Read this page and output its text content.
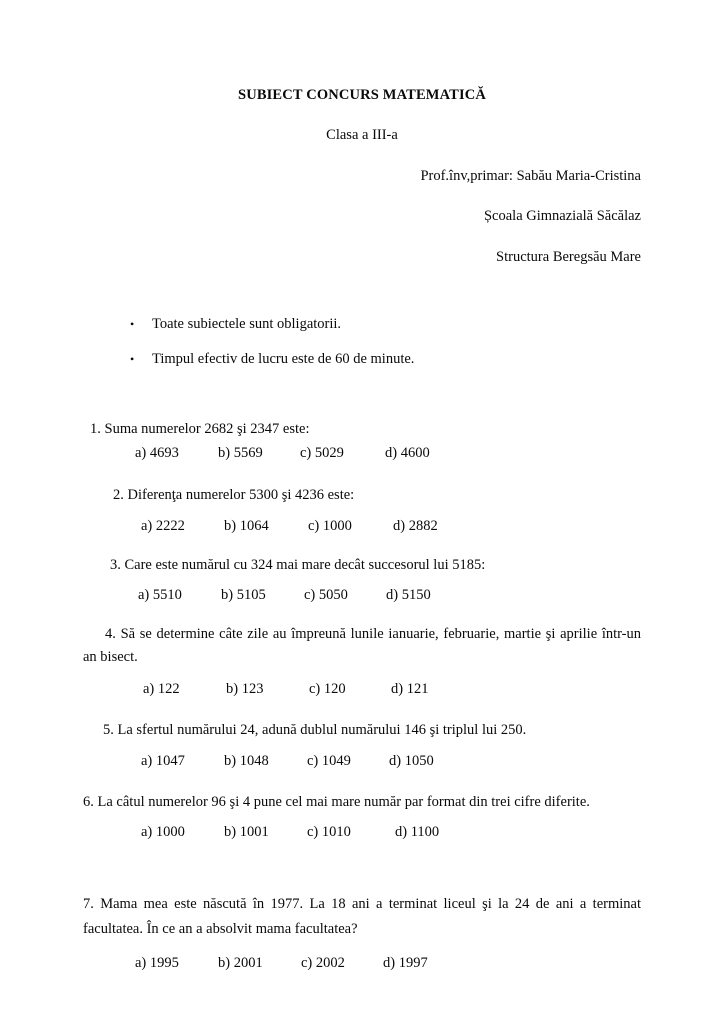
SUBIECT CONCURS MATEMATICĂ

Clasa a III-a

Prof.înv,primar: Sabău Maria-Cristina

Școala Gimnazială Săcălaz

Structura Beregsău Mare

• Toate subiectele sunt obligatorii.
• Timpul efectiv de lucru este de 60 de minute.

1. Suma numerelor 2682 şi 2347 este:

a) 4693	b) 5569	c) 5029	d) 4600

2. Diferenţa numerelor 5300 şi 4236 este:

a) 2222	b) 1064	c) 1000	d) 2882

3. Care este numărul cu 324 mai mare decât succesorul lui 5185:

a) 5510	b) 5105	c) 5050	d) 5150

4. Să se determine câte zile au împreună lunile ianuarie, februarie, martie şi aprilie într-un an bisect.

a) 122	b) 123	c) 120	d) 121

5. La sfertul numărului 24, adună dublul numărului 146 şi triplul lui 250.

a) 1047	b) 1048	c) 1049	d) 1050

6. La câtul numerelor 96 şi 4 pune cel mai mare număr par format din trei cifre diferite.

a) 1000	b) 1001	c) 1010	d) 1100

7. Mama mea este născută în 1977. La 18 ani a terminat liceul şi la 24 de ani a terminat facultatea. În ce an a absolvit mama facultatea?

a) 1995	b) 2001	c) 2002	d) 1997
